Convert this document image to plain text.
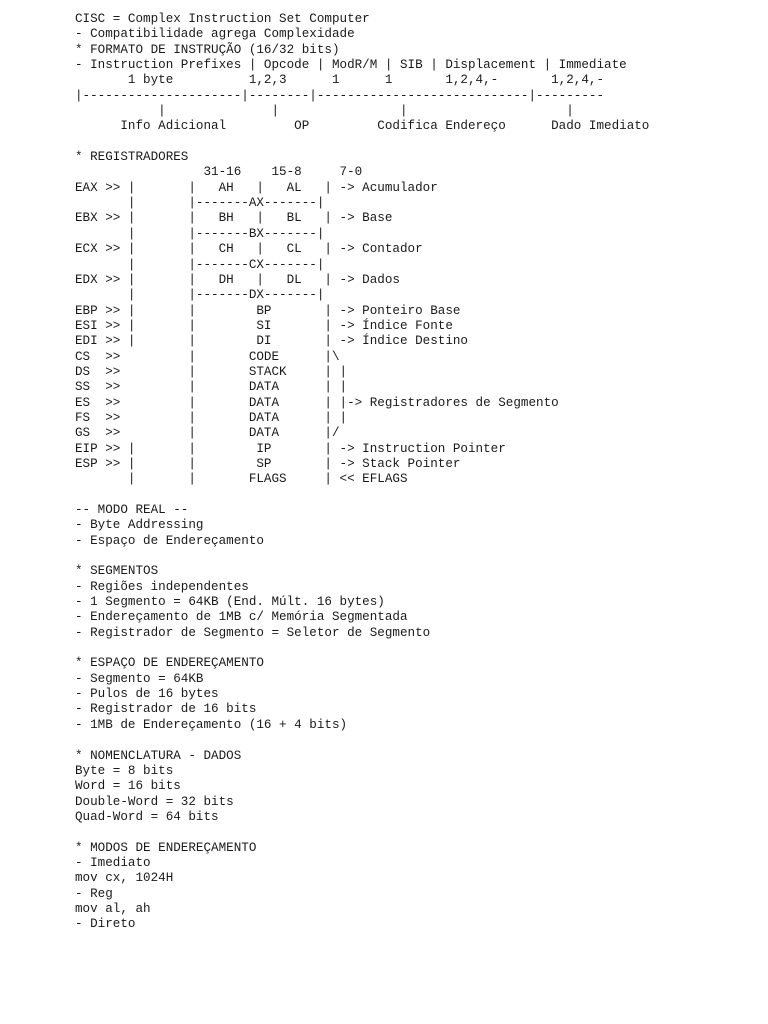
CISC = Complex Instruction Set Computer
- Compatibilidade agrega Complexidade
* FORMATO DE INSTRUÇÃO (16/32 bits)
- Instruction Prefixes | Opcode | ModR/M | SIB | Displacement | Immediate
1 byte          1,2,3      1      1       1,2,4,-       1,2,4,-
|---------------------|--------|----------------------------|---------
|              |                |                     |
Info Adicional         OP         Codifica Endereço      Dado Imediato
* REGISTRADORES
31-16    15-8     7-0
EAX >> |       |   AH   |   AL   | -> Acumulador
|       |-------AX-------|
EBX >> |       |   BH   |   BL   | -> Base
|       |-------BX-------|
ECX >> |       |   CH   |   CL   | -> Contador
|       |-------CX-------|
EDX >> |       |   DH   |   DL   | -> Dados
|       |-------DX-------|
EBP >> |       |        BP       | -> Ponteiro Base
ESI >> |       |        SI       | -> Índice Fonte
EDI >> |       |        DI       | -> Índice Destino
CS  >>         |       CODE      |\
DS  >>         |       STACK     | |
SS  >>         |       DATA      | |
ES  >>         |       DATA      | |-> Registradores de Segmento
FS  >>         |       DATA      | |
GS  >>         |       DATA      |/
EIP >> |       |        IP       | -> Instruction Pointer
ESP >> |       |        SP       | -> Stack Pointer
|       |       FLAGS     | << EFLAGS
-- MODO REAL --
- Byte Addressing
- Espaço de Endereçamento
* SEGMENTOS
- Regiões independentes
- 1 Segmento = 64KB (End. Múlt. 16 bytes)
- Endereçamento de 1MB c/ Memória Segmentada
- Registrador de Segmento = Seletor de Segmento
* ESPAÇO DE ENDEREÇAMENTO
- Segmento = 64KB
- Pulos de 16 bytes
- Registrador de 16 bits
- 1MB de Endereçamento (16 + 4 bits)
* NOMENCLATURA - DADOS
Byte = 8 bits
Word = 16 bits
Double-Word = 32 bits
Quad-Word = 64 bits
* MODOS DE ENDEREÇAMENTO
- Imediato
mov cx, 1024H
- Reg
mov al, ah
- Direto
